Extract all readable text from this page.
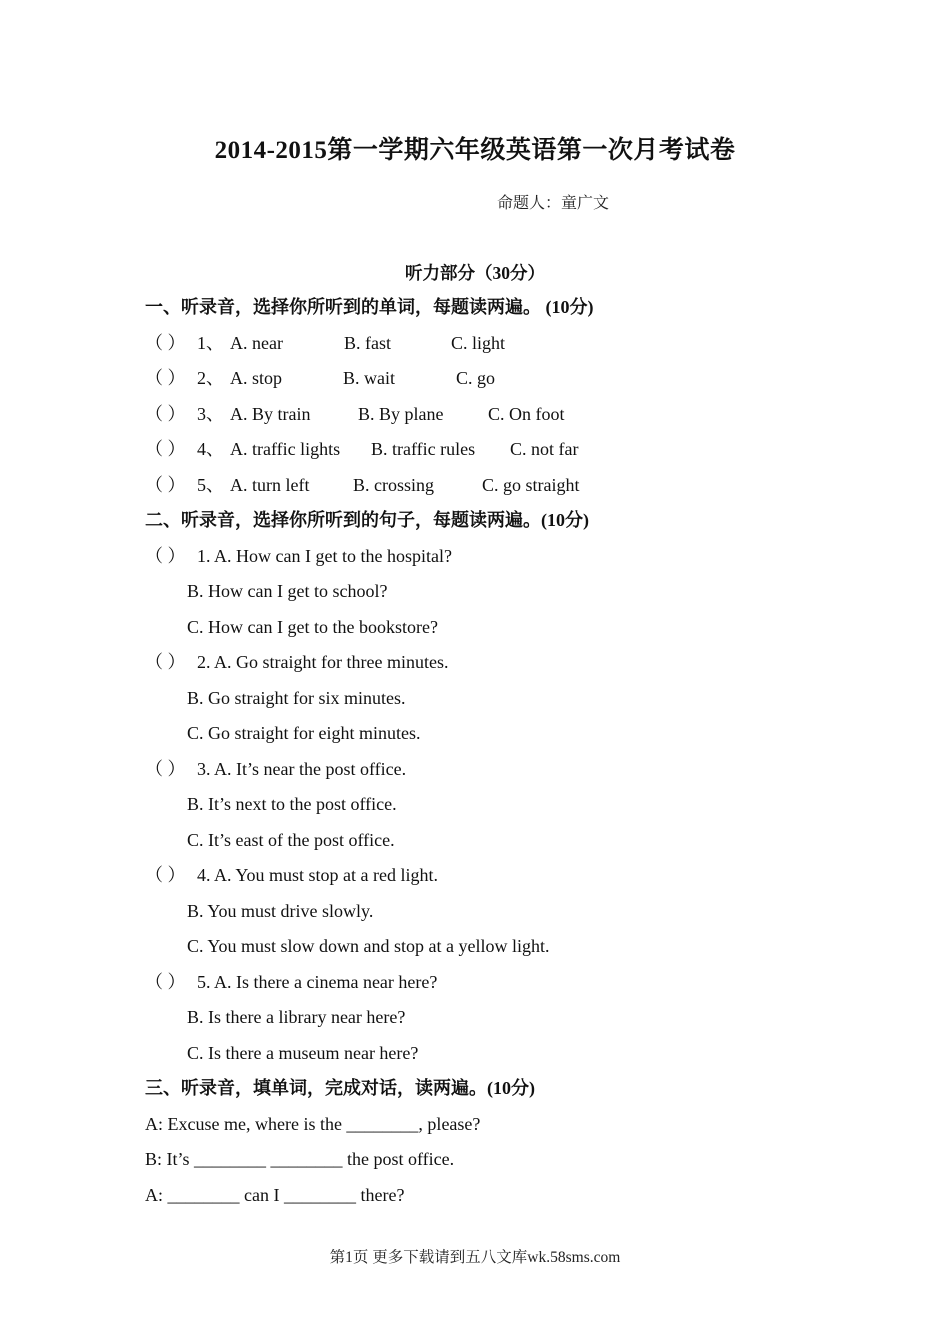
2014-2015第一学期六年级英语第一次月考试卷
命题人：童广文
听力部分（30分）
一、听录音，选择你所听到的单词，每题读两遍。 (10分)
（ ） 1、 A. near	B. fast	C. light
（ ） 2、 A. stop	B. wait	C. go
（ ） 3、 A. By train	B. By plane C. On foot
（ ） 4、 A. traffic lights B. traffic rules C. not far
（ ） 5、 A. turn left B. crossing	C. go straight
二、听录音，选择你所听到的句子，每题读两遍。(10分)
（ ） 1. A. How can I get to the hospital?
B. How can I get to school?
C. How can I get to the bookstore?
（ ） 2. A. Go straight for three minutes.
B. Go straight for six minutes.
C. Go straight for eight minutes.
（ ） 3. A. It’s near the post office.
B. It’s next to the post office.
C. It’s east of the post office.
（ ） 4. A. You must stop at a red light.
B. You must drive slowly.
C. You must slow down and stop at a yellow light.
（ ） 5. A. Is there a cinema near here?
B. Is there a library near here?
C. Is there a museum near here?
三、听录音，填单词，完成对话，读两遍。(10分)
A: Excuse me, where is the ________, please?
B: It’s ________ ________ the post office.
A: ________ can I ________ there?
第1页 更多下载请到五八文库wk.58sms.com
